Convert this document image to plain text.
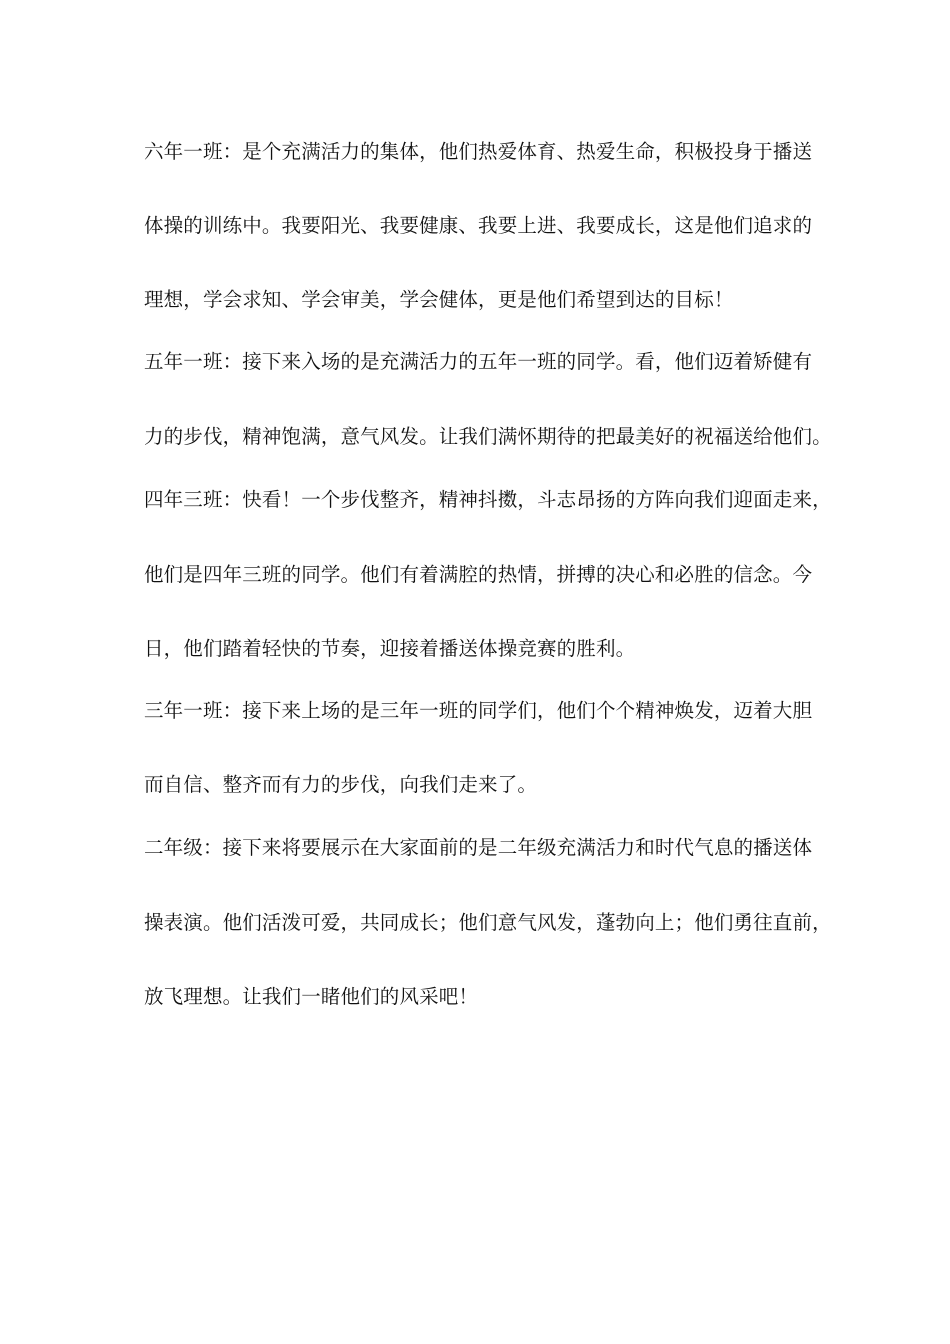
六年一班：是个充满活力的集体，他们热爱体育、热爱生命，积极投身于播送
体操的训练中。我要阳光、我要健康、我要上进、我要成长，这是他们追求的
理想，学会求知、学会审美，学会健体，更是他们希望到达的目标！
五年一班：接下来入场的是充满活力的五年一班的同学。看，他们迈着矫健有
力的步伐，精神饱满，意气风发。让我们满怀期待的把最美好的祝福送给他们。
四年三班：快看！一个步伐整齐，精神抖擞，斗志昂扬的方阵向我们迎面走来，
他们是四年三班的同学。他们有着满腔的热情，拼搏的决心和必胜的信念。今
日，他们踏着轻快的节奏，迎接着播送体操竞赛的胜利。
三年一班：接下来上场的是三年一班的同学们，他们个个精神焕发，迈着大胆
而自信、整齐而有力的步伐，向我们走来了。
二年级：接下来将要展示在大家面前的是二年级充满活力和时代气息的播送体
操表演。他们活泼可爱，共同成长；他们意气风发，蓬勃向上；他们勇往直前，
放飞理想。让我们一睹他们的风采吧！
